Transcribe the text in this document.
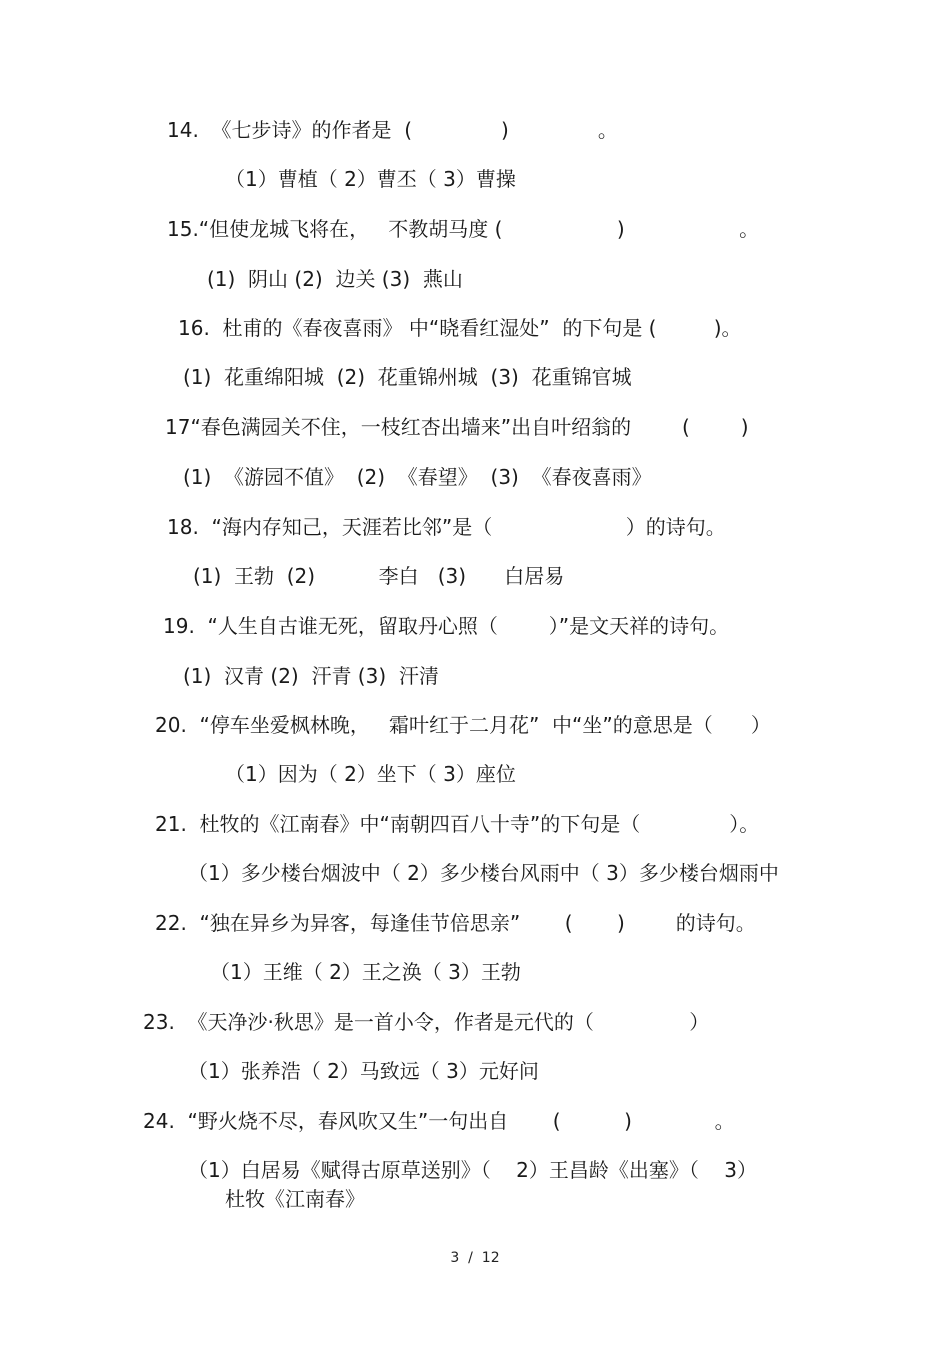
14.  《七步诗》的作者是  (              )              。
（1）曹植（ 2）曹丕（ 3）曹操
15.“但使龙城飞将在，   不教胡马度 (                  )                  。
(1)  阴山 (2)  边关 (3)  燕山
16.  杜甫的《春夜喜雨》 中“晓看红湿处”  的下句是 (         )。
(1)  花重绵阳城  (2)  花重锦州城  (3)  花重锦官城
17“春色满园关不住，一枝红杏出墙来”出自叶绍翁的        (        )
(1)  《游园不值》  (2)  《春望》  (3)  《春夜喜雨》
18.  “海内存知己，天涯若比邻”是（                     ）的诗句。
(1)  王勃  (2)          李白   (3)      白居易
19.  “人生自古谁无死，留取丹心照（        ）”是文天祥的诗句。
(1)  汉青 (2)  汗青 (3)  汗清
20.  “停车坐爱枫林晚，   霜叶红于二月花”  中“坐”的意思是（      ）
（1）因为（ 2）坐下（ 3）座位
21.  杜牧的《江南春》中“南朝四百八十寺”的下句是（              ）。
（1）多少楼台烟波中（ 2）多少楼台风雨中（ 3）多少楼台烟雨中
22.  “独在异乡为异客，每逢佳节倍思亲”       (       )        的诗句。
（1）王维（ 2）王之涣（ 3）王勃
23.  《天净沙·秋思》是一首小令，作者是元代的（               ）
（1）张养浩（ 2）马致远（ 3）元好问
24.  “野火烧不尽，春风吹又生”一句出自       (          )             。
（1）白居易《赋得古原草送别》（    2）王昌龄《出塞》（    3）
杜牧《江南春》
3  /  12
